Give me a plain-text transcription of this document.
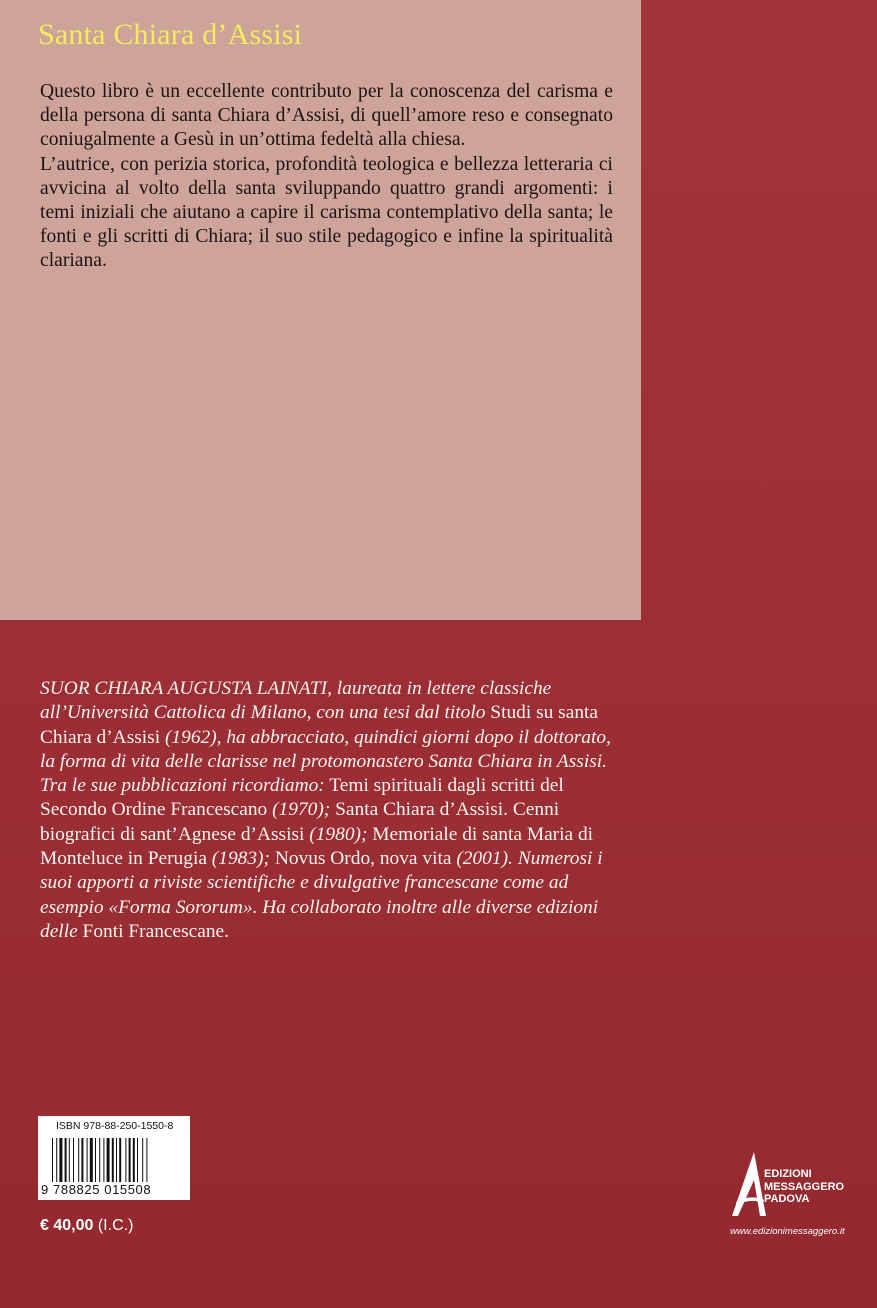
Santa Chiara d’Assisi

Questo libro è un eccellente contributo per la conoscenza del carisma e della persona di santa Chiara d’Assisi, di quell’amore reso e consegnato coniugalmente a Gesù in un’ottima fedeltà alla chiesa.

L’autrice, con perizia storica, profondità teologica e bellezza letteraria ci avvicina al volto della santa sviluppando quattro grandi argomenti: i temi iniziali che aiutano a capire il carisma contemplativo della santa; le fonti e gli scritti di Chiara; il suo stile pedagogico e infine la spiritualità clariana.

SUOR CHIARA AUGUSTA LAINATI, laureata in lettere classiche all’Università Cattolica di Milano, con una tesi dal titolo Studi su santa Chiara d’Assisi (1962), ha abbracciato, quindici giorni dopo il dottorato, la forma di vita delle clarisse nel protomonastero Santa Chiara in Assisi.

Tra le sue pubblicazioni ricordiamo: Temi spirituali dagli scritti del Secondo Ordine Francescano (1970); Santa Chiara d’Assisi. Cenni biografici di sant’Agnese d’Assisi (1980); Memoriale di santa Maria di Monteluce in Perugia (1983); Novus Ordo, nova vita (2001). Numerosi i suoi apporti a riviste scientifiche e divulgative francescane come ad esempio «Forma Sororum». Ha collaborato inoltre alle diverse edizioni delle Fonti Francescane.

ISBN 978-88-250-1550-8
9 788825 015508
€ 40,00 (I.C.)
EDIZIONI
MESSAGGERO
PADOVA
www.edizionimessaggero.it
